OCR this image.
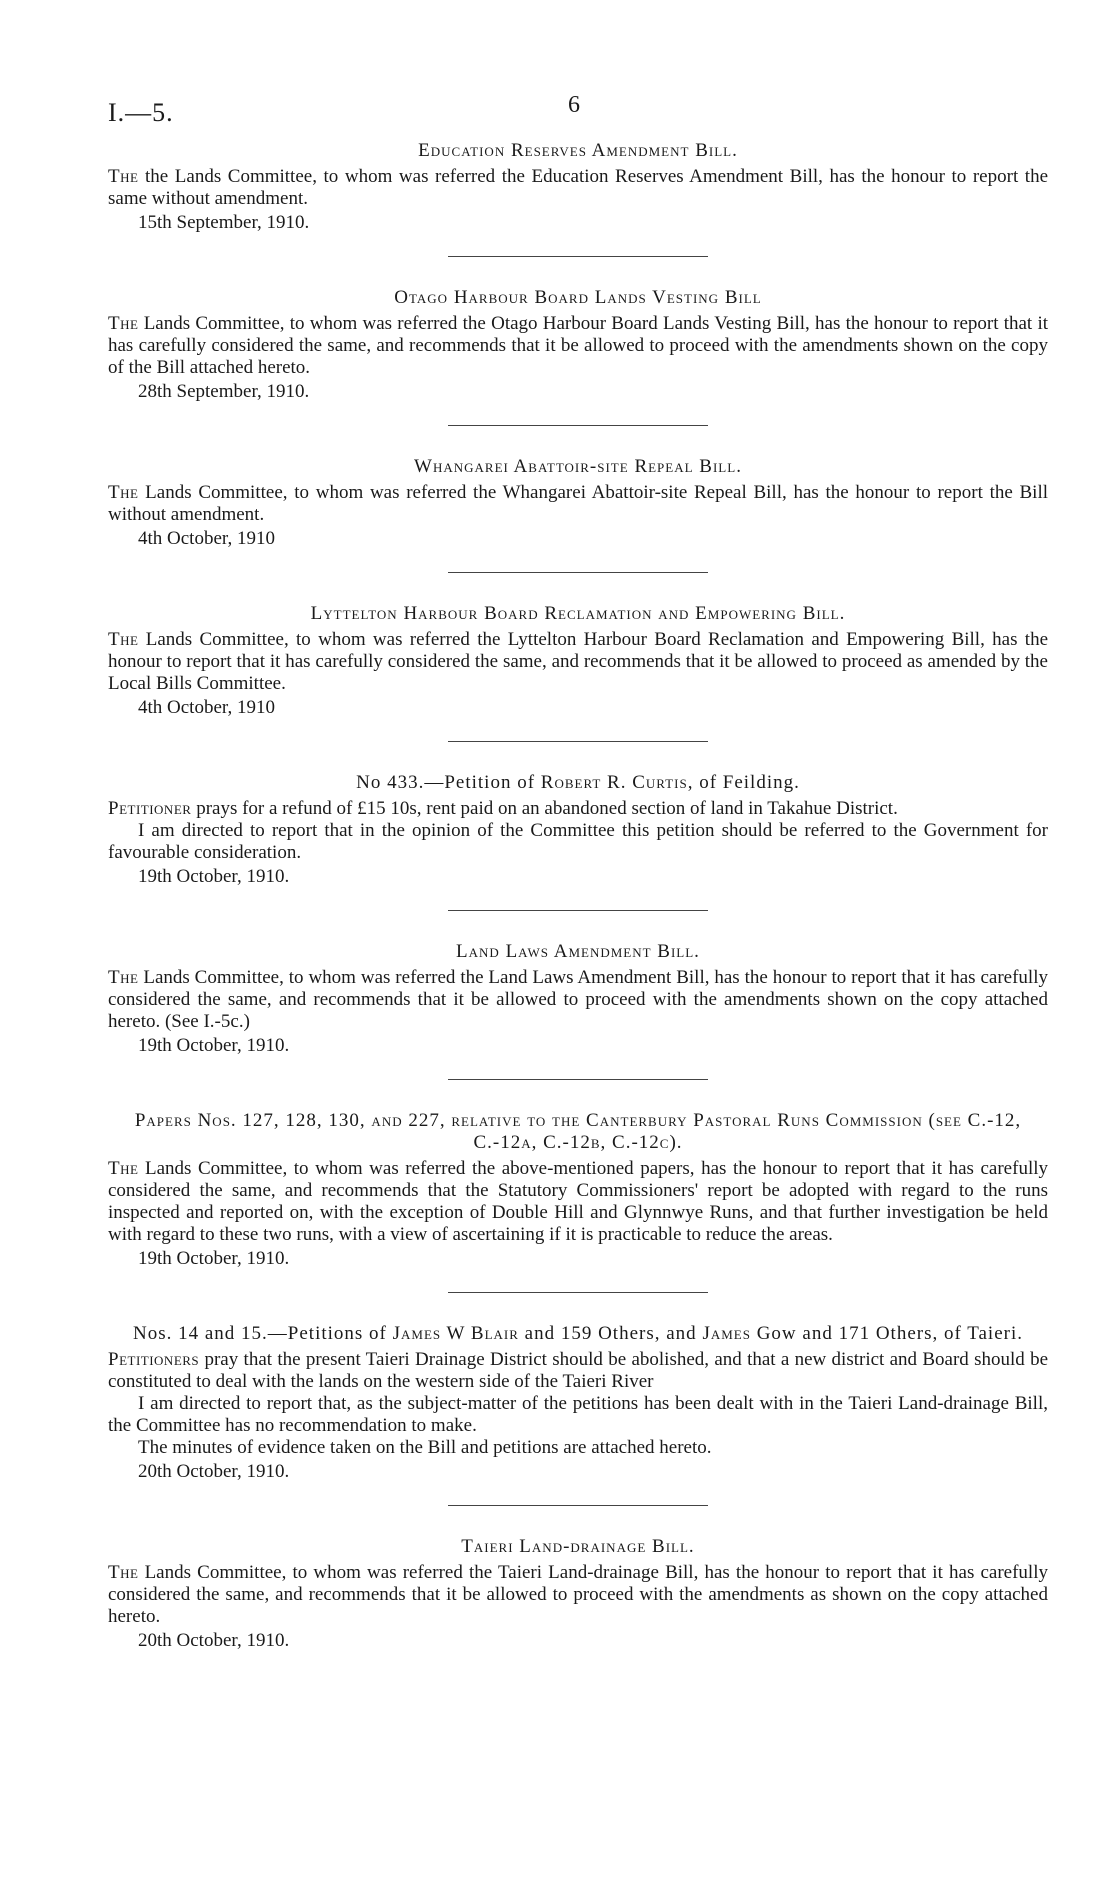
I.—5.	6
Education Reserves Amendment Bill.

The the Lands Committee, to whom was referred the Education Reserves Amendment Bill, has the honour to report the same without amendment.

15th September, 1910.
Otago Harbour Board Lands Vesting Bill

The Lands Committee, to whom was referred the Otago Harbour Board Lands Vesting Bill, has the honour to report that it has carefully considered the same, and recommends that it be allowed to proceed with the amendments shown on the copy of the Bill attached hereto.

28th September, 1910.
Whangarei Abattoir-site Repeal Bill.

The Lands Committee, to whom was referred the Whangarei Abattoir-site Repeal Bill, has the honour to report the Bill without amendment.

4th October, 1910
Lyttelton Harbour Board Reclamation and Empowering Bill.

The Lands Committee, to whom was referred the Lyttelton Harbour Board Reclamation and Empowering Bill, has the honour to report that it has carefully considered the same, and recommends that it be allowed to proceed as amended by the Local Bills Committee.

4th October, 1910
No 433.—Petition of Robert R. Curtis, of Feilding.

Petitioner prays for a refund of £15 10s, rent paid on an abandoned section of land in Takahue District.

I am directed to report that in the opinion of the Committee this petition should be referred to the Government for favourable consideration.

19th October, 1910.
Land Laws Amendment Bill.

The Lands Committee, to whom was referred the Land Laws Amendment Bill, has the honour to report that it has carefully considered the same, and recommends that it be allowed to proceed with the amendments shown on the copy attached hereto. (See I.-5c.)

19th October, 1910.
Papers Nos. 127, 128, 130, and 227, relative to the Canterbury Pastoral Runs Commission (see C.-12, C.-12a, C.-12b, C.-12c).

The Lands Committee, to whom was referred the above-mentioned papers, has the honour to report that it has carefully considered the same, and recommends that the Statutory Commissioners' report be adopted with regard to the runs inspected and reported on, with the exception of Double Hill and Glynnwye Runs, and that further investigation be held with regard to these two runs, with a view of ascertaining if it is practicable to reduce the areas.

19th October, 1910.
Nos. 14 and 15.—Petitions of James W Blair and 159 Others, and James Gow and 171 Others, of Taieri.

Petitioners pray that the present Taieri Drainage District should be abolished, and that a new district and Board should be constituted to deal with the lands on the western side of the Taieri River

I am directed to report that, as the subject-matter of the petitions has been dealt with in the Taieri Land-drainage Bill, the Committee has no recommendation to make.

The minutes of evidence taken on the Bill and petitions are attached hereto.

20th October, 1910.
Taieri Land-drainage Bill.

The Lands Committee, to whom was referred the Taieri Land-drainage Bill, has the honour to report that it has carefully considered the same, and recommends that it be allowed to proceed with the amendments as shown on the copy attached hereto.

20th October, 1910.
